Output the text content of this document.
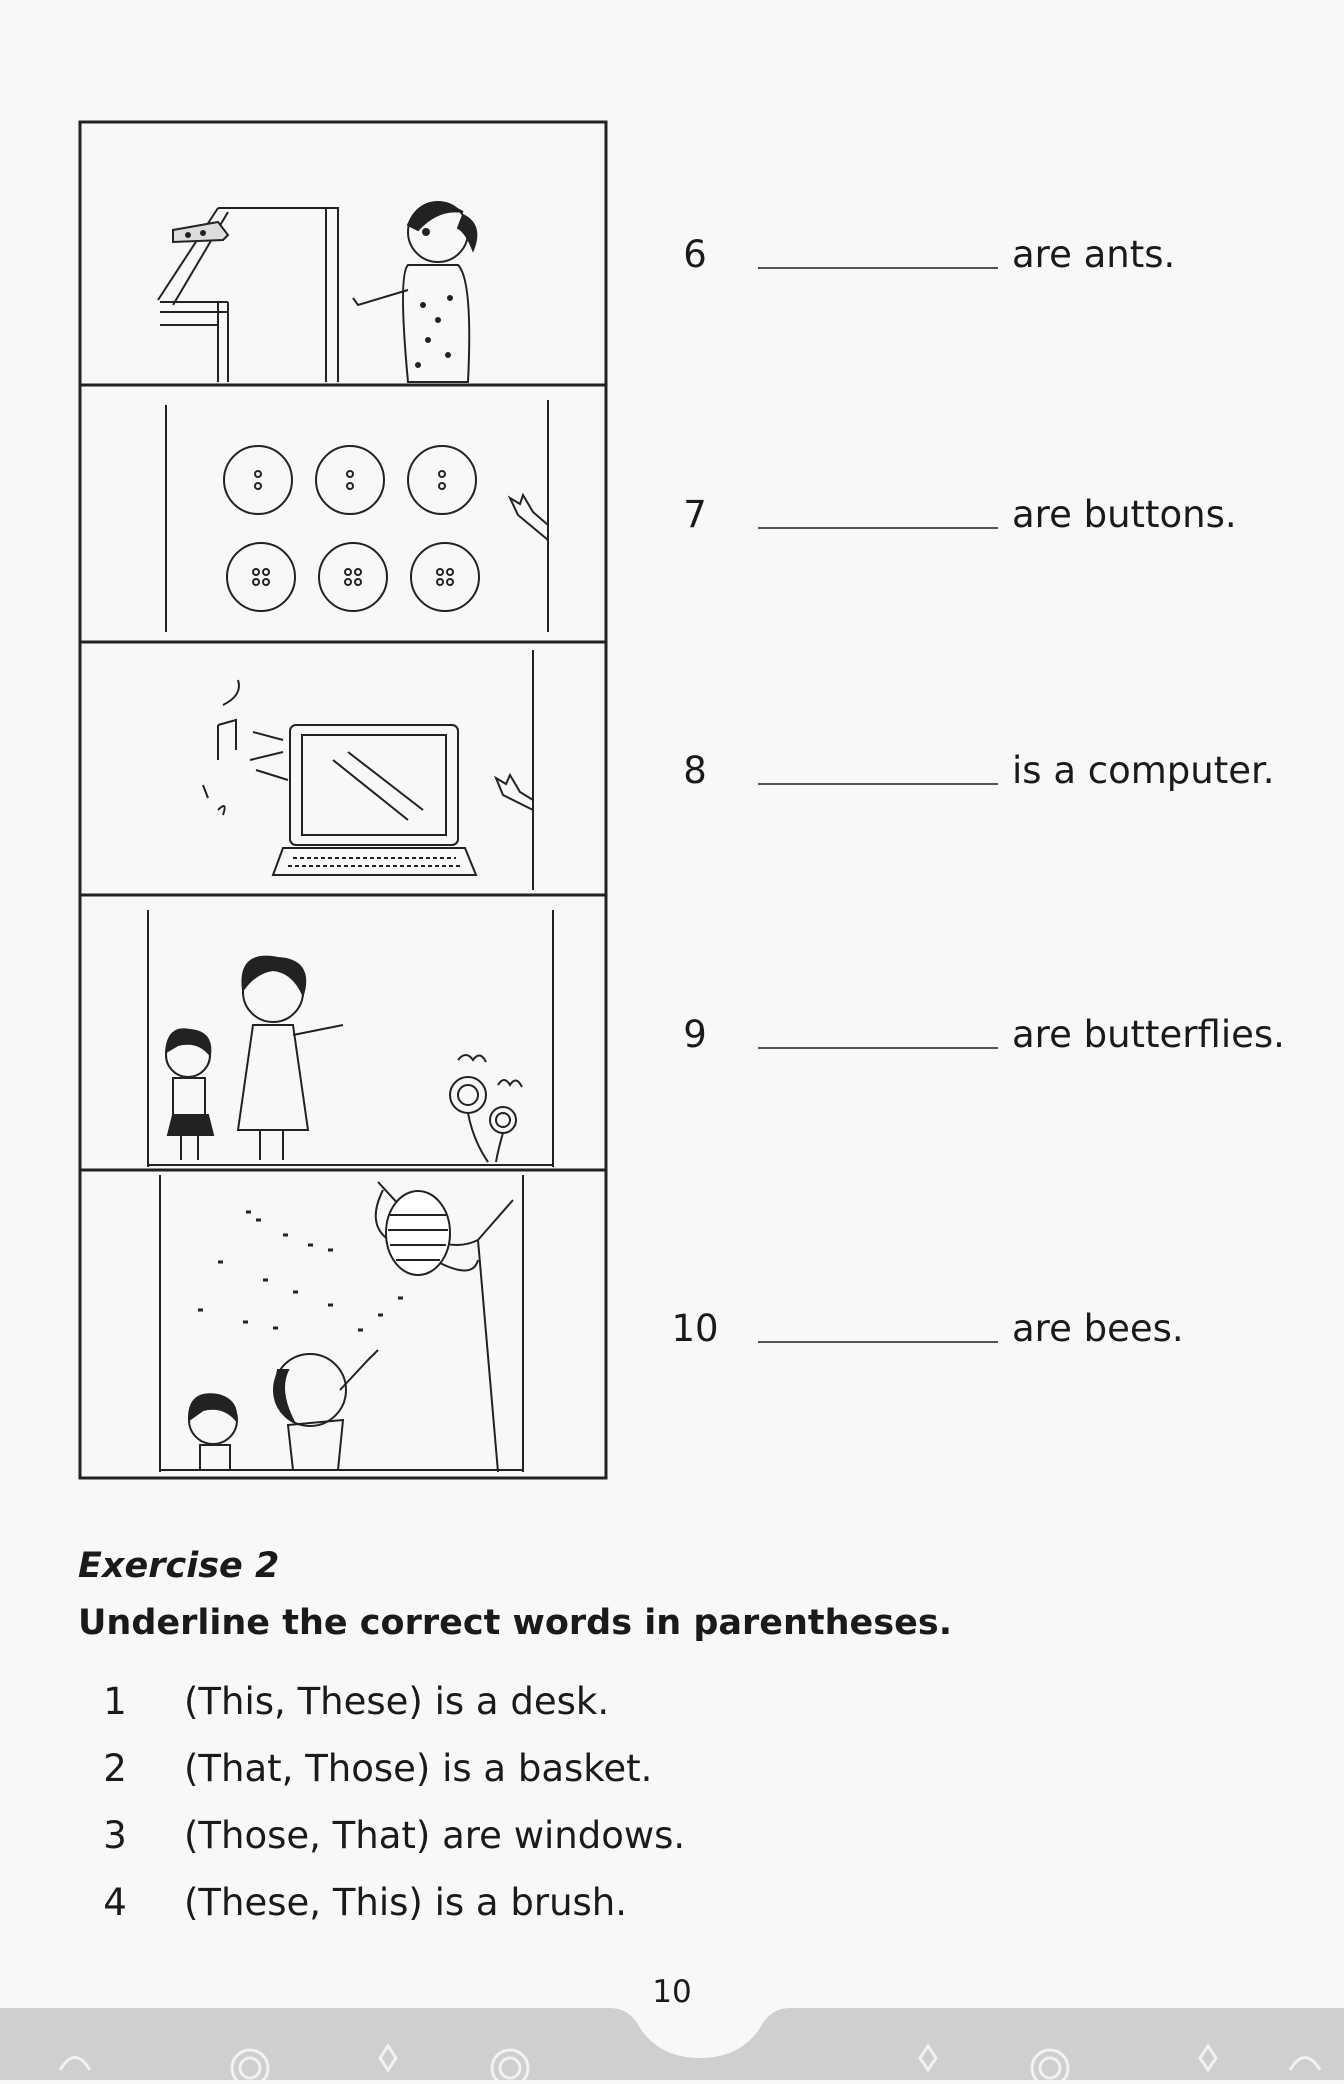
6	are ants.
7	are buttons.
8	is a computer.
9	are butterflies.
10	are bees.
Exercise 2
Underline the correct words in parentheses.
1	(This, These) is a desk.
2	(That, Those) is a basket.
3	(Those, That) are windows.
4	(These, This) is a brush.
10
